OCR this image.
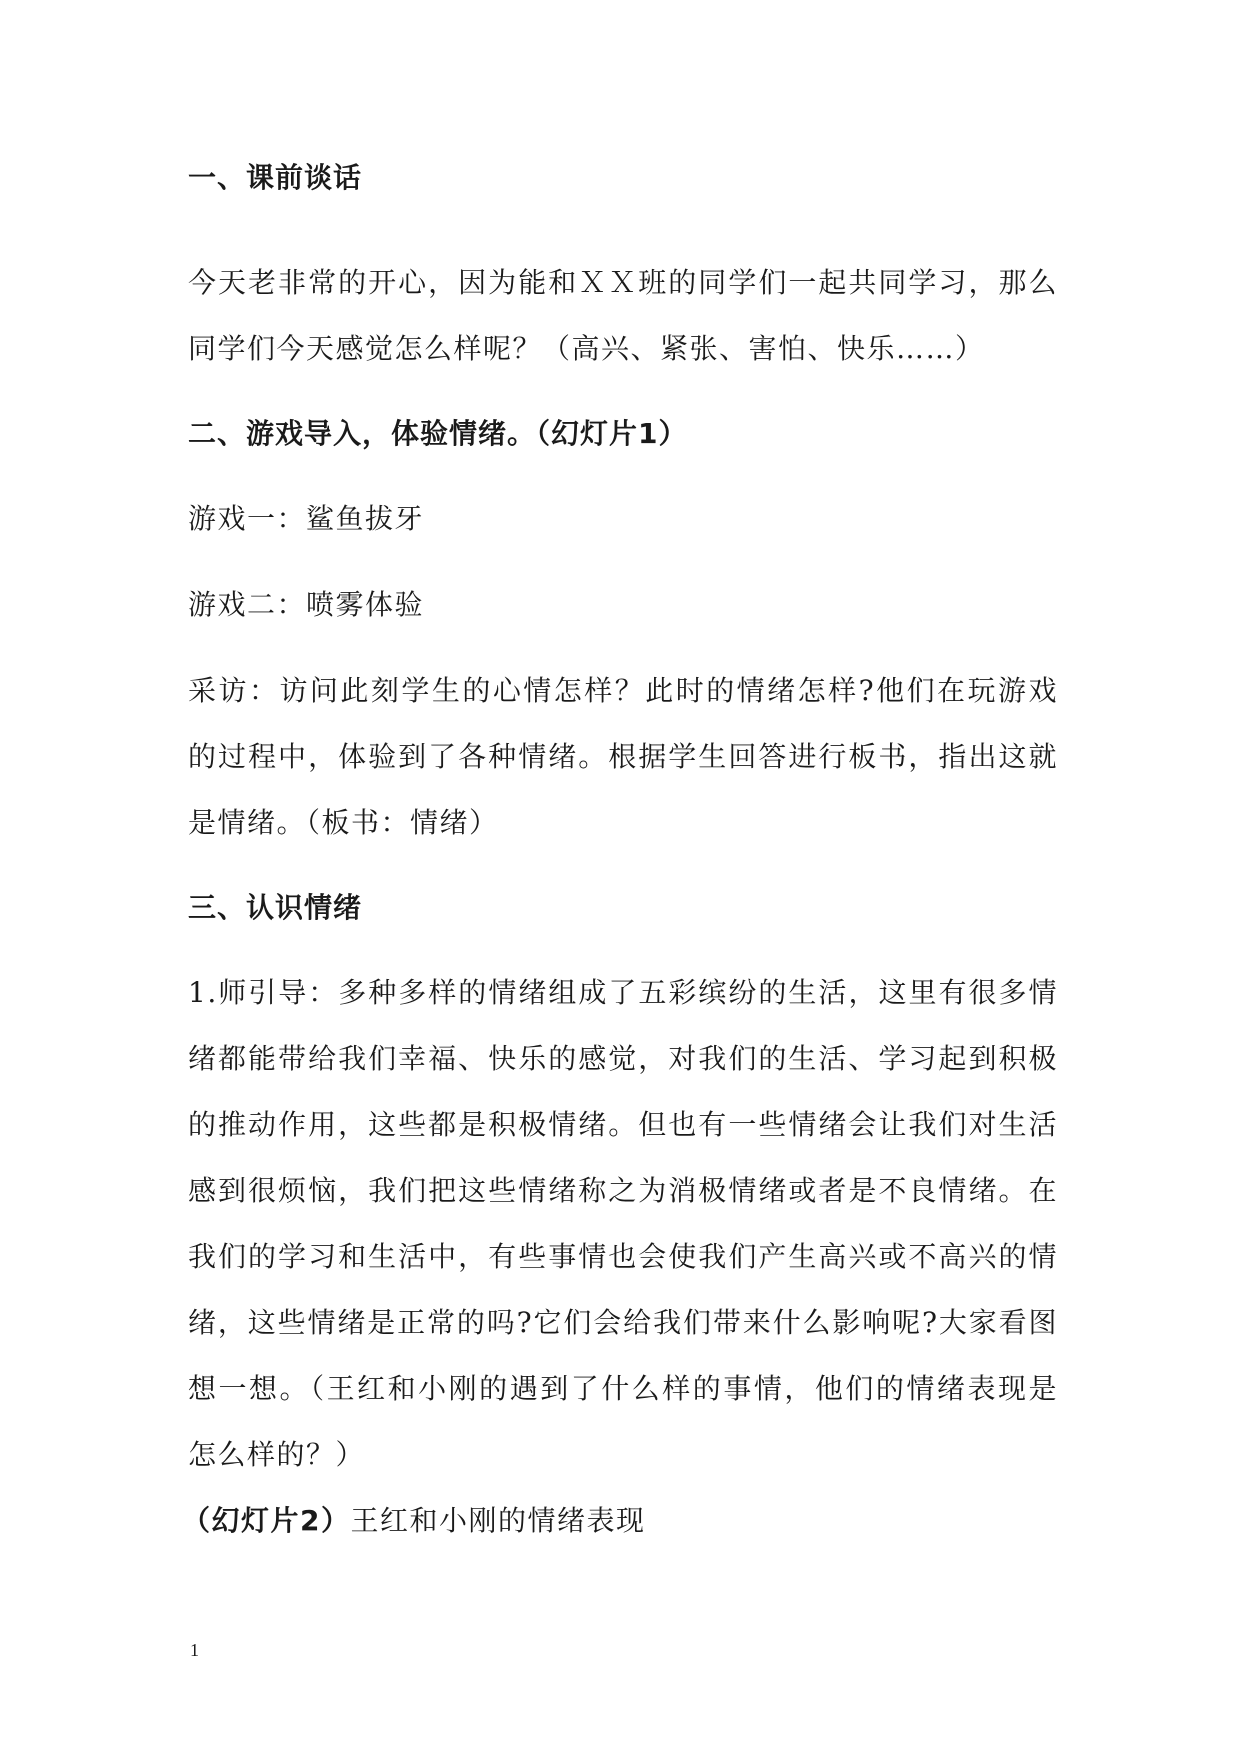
一、课前谈话

今天老非常的开心，因为能和ＸＸ班的同学们一起共同学习，那么同学们今天感觉怎么样呢？（高兴、紧张、害怕、快乐……）

二、游戏导入，体验情绪。（幻灯片1）

游戏一：鲨鱼拔牙

游戏二：喷雾体验

采访：访问此刻学生的心情怎样？此时的情绪怎样?他们在玩游戏的过程中，体验到了各种情绪。根据学生回答进行板书，指出这就是情绪。（板书：情绪）

三、认识情绪

1.师引导：多种多样的情绪组成了五彩缤纷的生活，这里有很多情绪都能带给我们幸福、快乐的感觉，对我们的生活、学习起到积极的推动作用，这些都是积极情绪。但也有一些情绪会让我们对生活感到很烦恼，我们把这些情绪称之为消极情绪或者是不良情绪。在我们的学习和生活中，有些事情也会使我们产生高兴或不高兴的情绪，这些情绪是正常的吗?它们会给我们带来什么影响呢?大家看图想一想。（王红和小刚的遇到了什么样的事情，他们的情绪表现是怎么样的？）

（幻灯片2）王红和小刚的情绪表现

1
